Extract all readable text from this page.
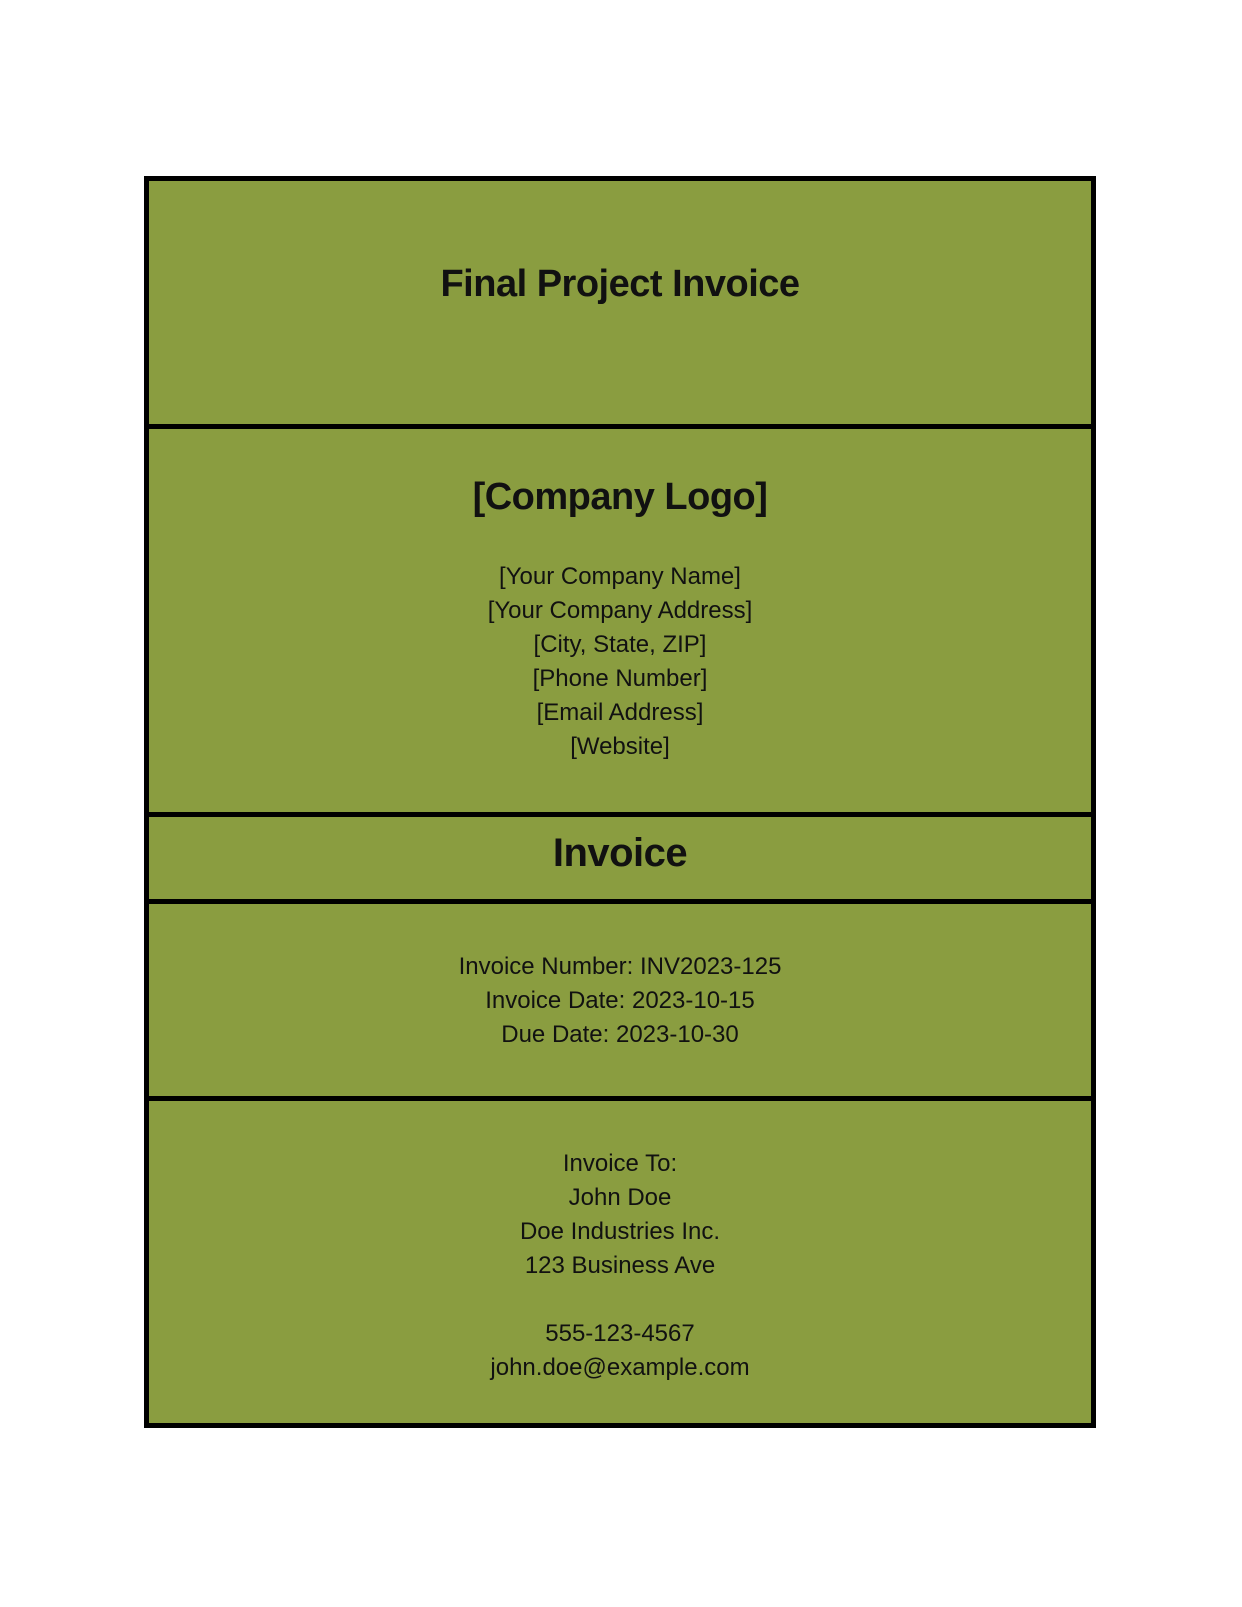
Final Project Invoice
[Company Logo]
[Your Company Name]
[Your Company Address]
[City, State, ZIP]
[Phone Number]
[Email Address]
[Website]
Invoice
Invoice Number: INV2023-125
Invoice Date: 2023-10-15
Due Date: 2023-10-30
Invoice To:
John Doe
Doe Industries Inc.
123 Business Ave
555-123-4567
john.doe@example.com
